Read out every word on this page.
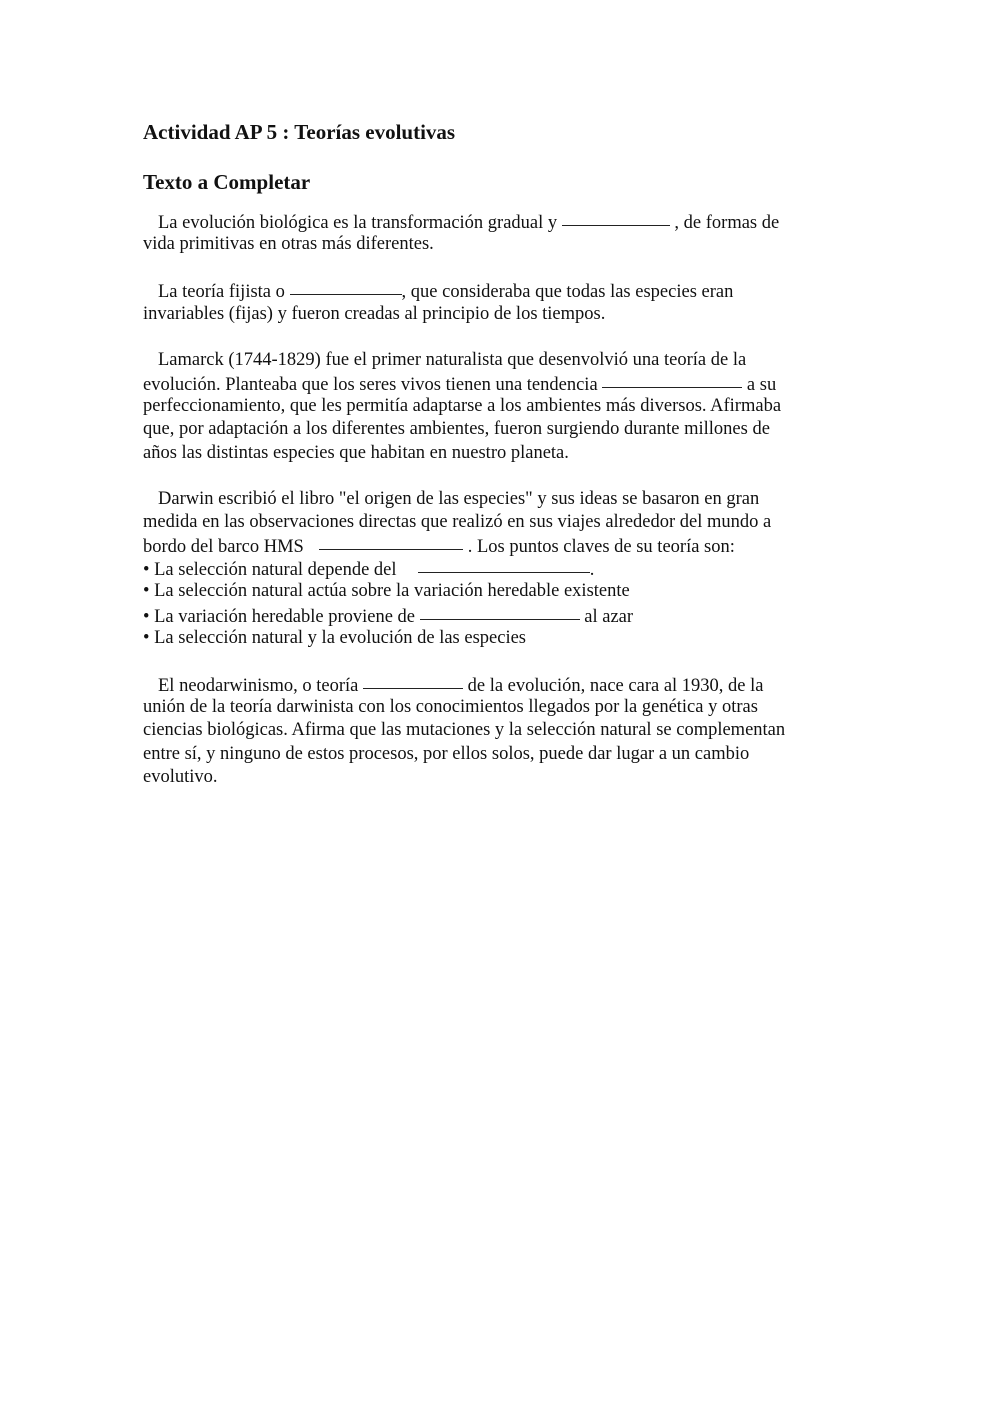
Actividad AP 5 : Teorías evolutivas
Texto a Completar
La evolución biológica es la transformación gradual y	, de formas de
vida primitivas en otras más diferentes.
La teoría fijista o	, que consideraba que todas las especies eran
invariables (fijas) y fueron creadas al principio de los tiempos.
Lamarck (1744-1829) fue el primer naturalista que desenvolvió una teoría de la
evolución. Planteaba que los seres vivos tienen una tendencia	a su
perfeccionamiento, que les permitía adaptarse a los ambientes más diversos. Afirmaba
que, por adaptación a los diferentes ambientes, fueron surgiendo durante millones de
años las distintas especies que habitan en nuestro planeta.
Darwin escribió el libro "el origen de las especies" y sus ideas se basaron en gran
medida en las observaciones directas que realizó en sus viajes alrededor del mundo a
bordo del barco HMS	. Los puntos claves de su teoría son:
• La selección natural depende del	.
• La selección natural actúa sobre la variación heredable existente
• La variación heredable proviene de	al azar
• La selección natural y la evolución de las especies
El neodarwinismo, o teoría	de la evolución, nace cara al 1930, de la
unión de la teoría darwinista con los conocimientos llegados por la genética y otras
ciencias biológicas. Afirma que las mutaciones y la selección natural se complementan
entre sí, y ninguno de estos procesos, por ellos solos, puede dar lugar a un cambio
evolutivo.
